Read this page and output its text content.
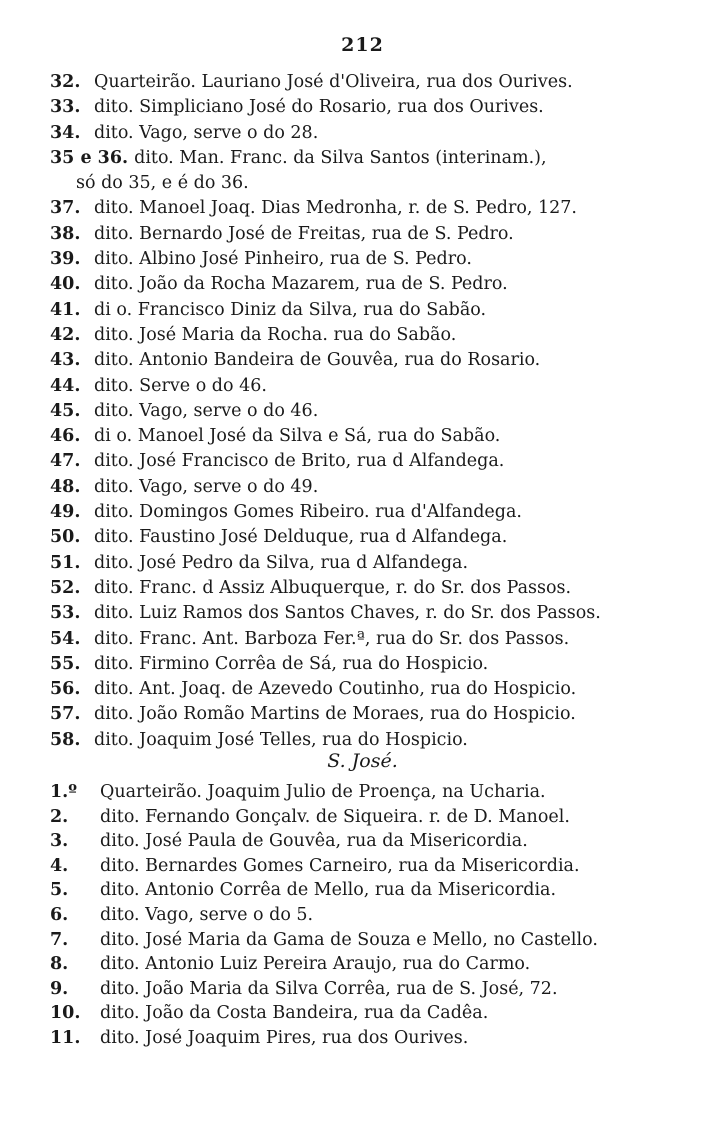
212
32. Quarteirão. Lauriano José d'Oliveira, rua dos Ourives.
33. dito. Simpliciano José do Rosario, rua dos Ourives.
34. dito. Vago, serve o do 28.
35 e 36. dito. Man. Franc. da Silva Santos (interinam.),
só do 35, e é do 36.
37. dito. Manoel Joaq. Dias Medronha, r. de S. Pedro, 127.
38. dito. Bernardo José de Freitas, rua de S. Pedro.
39. dito. Albino José Pinheiro, rua de S. Pedro.
40. dito. João da Rocha Mazarem, rua de S. Pedro.
41. di o. Francisco Diniz da Silva, rua do Sabão.
42. dito. José Maria da Rocha. rua do Sabão.
43. dito. Antonio Bandeira de Gouvêa, rua do Rosario.
44. dito. Serve o do 46.
45. dito. Vago, serve o do 46.
46. di o. Manoel José da Silva e Sá, rua do Sabão.
47. dito. José Francisco de Brito, rua d Alfandega.
48. dito. Vago, serve o do 49.
49. dito. Domingos Gomes Ribeiro. rua d'Alfandega.
50. dito. Faustino José Delduque, rua d Alfandega.
51. dito. José Pedro da Silva, rua d Alfandega.
52. dito. Franc. d Assiz Albuquerque, r. do Sr. dos Passos.
53. dito. Luiz Ramos dos Santos Chaves, r. do Sr. dos Passos.
54. dito. Franc. Ant. Barboza Fer.ª, rua do Sr. dos Passos.
55. dito. Firmino Corrêa de Sá, rua do Hospicio.
56. dito. Ant. Joaq. de Azevedo Coutinho, rua do Hospicio.
57. dito. João Romão Martins de Moraes, rua do Hospicio.
58. dito. Joaquim José Telles, rua do Hospicio.
S. José.
1.º Quarteirão. Joaquim Julio de Proença, na Ucharia.
2. dito. Fernando Gonçalv. de Siqueira. r. de D. Manoel.
3. dito. José Paula de Gouvêa, rua da Misericordia.
4. dito. Bernardes Gomes Carneiro, rua da Misericordia.
5. dito. Antonio Corrêa de Mello, rua da Misericordia.
6. dito. Vago, serve o do 5.
7. dito. José Maria da Gama de Souza e Mello, no Castello.
8. dito. Antonio Luiz Pereira Araujo, rua do Carmo.
9. dito. João Maria da Silva Corrêa, rua de S. José, 72.
10. dito. João da Costa Bandeira, rua da Cadêa.
11. dito. José Joaquim Pires, rua dos Ourives.
